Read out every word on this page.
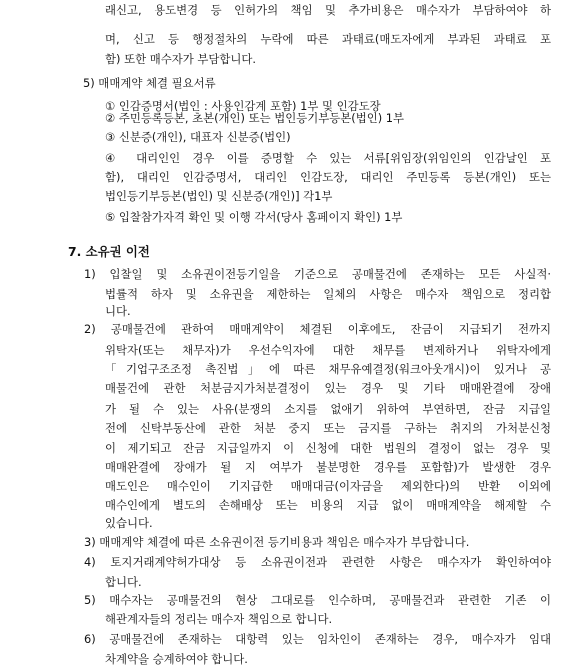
래신고, 용도변경 등 인허가의 책임 및 추가비용은 매수자가 부담하여야 하
며, 신고 등 행정절차의 누락에 따른 과태료(매도자에게 부과된 과태료 포
함) 또한 매수자가 부담합니다.
5) 매매계약 체결 필요서류
① 인감증명서(법인 : 사용인감계 포함) 1부 및 인감도장
② 주민등록등본, 초본(개인) 또는 법인등기부등본(법인) 1부
③ 신분증(개인), 대표자 신분증(법인)
④ 대리인인 경우 이를 증명할 수 있는 서류[위임장(위임인의 인감날인 포
함), 대리인 인감증명서, 대리인 인감도장, 대리인 주민등록 등본(개인) 또는
법인등기부등본(법인) 및 신분증(개인)] 각1부
⑤ 입찰참가자격 확인 및 이행 각서(당사 홈페이지 확인) 1부
7. 소유권 이전
1) 입찰일 및 소유권이전등기일을 기준으로 공매물건에 존재하는 모든 사실적·
법률적 하자 및 소유권을 제한하는 일체의 사항은 매수자 책임으로 정리합
니다.
2) 공매물건에 관하여 매매계약이 체결된 이후에도, 잔금이 지급되기 전까지
위탁자(또는 채무자)가 우선수익자에 대한 채무를 변제하거나 위탁자에게
「기업구조조정 촉진법」에 따른 채무유예결정(워크아웃개시)이 있거나 공
매물건에 관한 처분금지가처분결정이 있는 경우 및 기타 매매완결에 장애
가 될 수 있는 사유(분쟁의 소지를 없애기 위하여 부연하면, 잔금 지급일
전에 신탁부동산에 관한 처분 중지 또는 금지를 구하는 취지의 가처분신청
이 제기되고 잔금 지급일까지 이 신청에 대한 법원의 결정이 없는 경우 및
매매완결에 장애가 될 지 여부가 불분명한 경우를 포함함)가 발생한 경우
매도인은 매수인이 기지급한 매매대금(이자금을 제외한다)의 반환 이외에
매수인에게 별도의 손해배상 또는 비용의 지급 없이 매매계약을 해제할 수
있습니다.
3) 매매계약 체결에 따른 소유권이전 등기비용과 책임은 매수자가 부담합니다.
4) 토지거래계약허가대상 등 소유권이전과 관련한 사항은 매수자가 확인하여야
합니다.
5) 매수자는 공매물건의 현상 그대로를 인수하며, 공매물건과 관련한 기존 이
해관계자들의 정리는 매수자 책임으로 합니다.
6) 공매물건에 존재하는 대항력 있는 임차인이 존재하는 경우, 매수자가 임대
차계약을 승계하여야 합니다.
